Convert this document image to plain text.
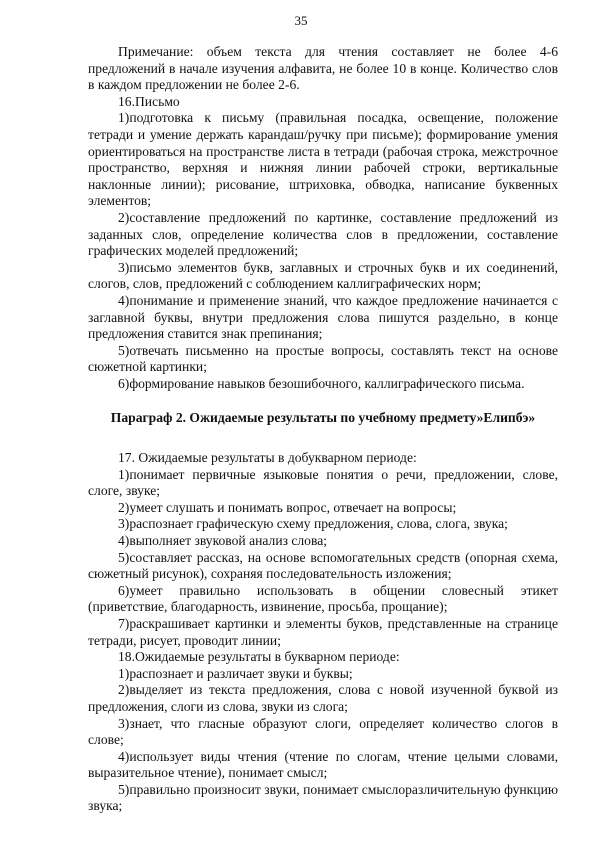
35

Примечание: объем текста для чтения составляет не более 4-6 предложений в начале изучения алфавита, не более 10 в конце. Количество слов в каждом предложении не более 2-6.

16.Письмо

1)подготовка к письму (правильная посадка, освещение, положение тетради и умение держать карандаш/ручку при письме); формирование умения ориентироваться на пространстве листа в тетради (рабочая строка, межстрочное пространство, верхняя и нижняя линии рабочей строки, вертикальные наклонные линии); рисование, штриховка, обводка, написание буквенных элементов;

2)составление предложений по картинке, составление предложений из заданных слов, определение количества слов в предложении, составление графических моделей предложений;

3)письмо элементов букв, заглавных и строчных букв и их соединений, слогов, слов, предложений с соблюдением каллиграфических норм;

4)понимание и применение знаний, что каждое предложение начинается с заглавной буквы, внутри предложения слова пишутся раздельно, в конце предложения ставится знак препинания;

5)отвечать письменно на простые вопросы, составлять текст на основе сюжетной картинки;

6)формирование навыков безошибочного, каллиграфического письма.

Параграф 2. Ожидаемые результаты по учебному предмету»Елипбэ»

17. Ожидаемые результаты в добукварном периоде:

1)понимает первичные языковые понятия о речи, предложении, слове, слоге, звуке;

2)умеет слушать и понимать вопрос, отвечает на вопросы;

3)распознает графическую схему предложения, слова, слога, звука;

4)выполняет звуковой анализ слова;

5)составляет рассказ, на основе вспомогательных средств (опорная схема, сюжетный рисунок), сохраняя последовательность изложения;

6)умеет правильно использовать в общении словесный этикет (приветствие, благодарность, извинение, просьба, прощание);

7)раскрашивает картинки и элементы буков, представленные на странице тетради, рисует, проводит линии;

18.Ожидаемые результаты в букварном периоде:

1)распознает и различает звуки и буквы;

2)выделяет из текста предложения, слова с новой изученной буквой из предложения, слоги из слова, звуки из слога;

3)знает, что гласные образуют слоги, определяет количество слогов в слове;

4)использует виды чтения (чтение по слогам, чтение целыми словами, выразительное чтение), понимает смысл;

5)правильно произносит звуки, понимает смыслоразличительную функцию звука;
